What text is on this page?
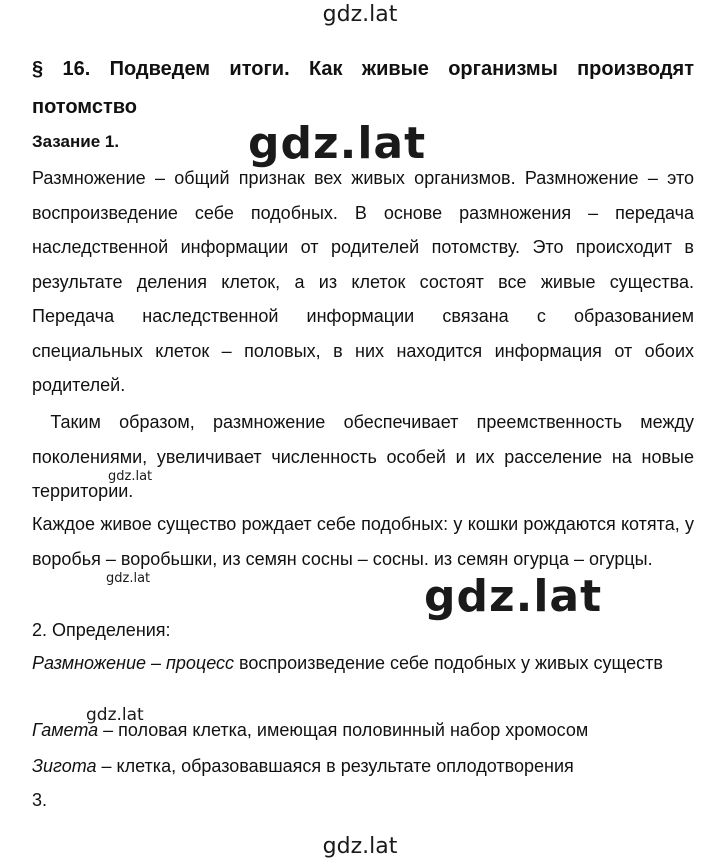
§ 16. Подведем итоги. Как живые организмы производят потомство
Зазание 1.
Размножение – общий признак вех живых организмов. Размножение – это воспроизведение себе подобных. В основе размножения – передача наследственной информации от родителей потомству. Это происходит в результате деления клеток, а из клеток состоят все живые существа. Передача наследственной информации связана с образованием специальных клеток – половых, в них находится информация от обоих родителей.
Таким образом, размножение обеспечивает преемственность между поколениями, увеличивает численность особей и их расселение на новые территории.
Каждое живое существо рождает себе подобных: у кошки рождаются котята, у воробья – воробьшки, из семян сосны – сосны. из семян огурца – огурцы.
2. Определения:
Размножение – процесс воспроизведение себе подобных у живых существ
Гамета – половая клетка, имеющая половинный набор хромосом
Зигота – клетка, образовавшаяся в результате оплодотворения
3.
gdz.lat
gdz.lat
gdz.lat
gdz.lat
gdz.lat
gdz.lat
gdz.lat
